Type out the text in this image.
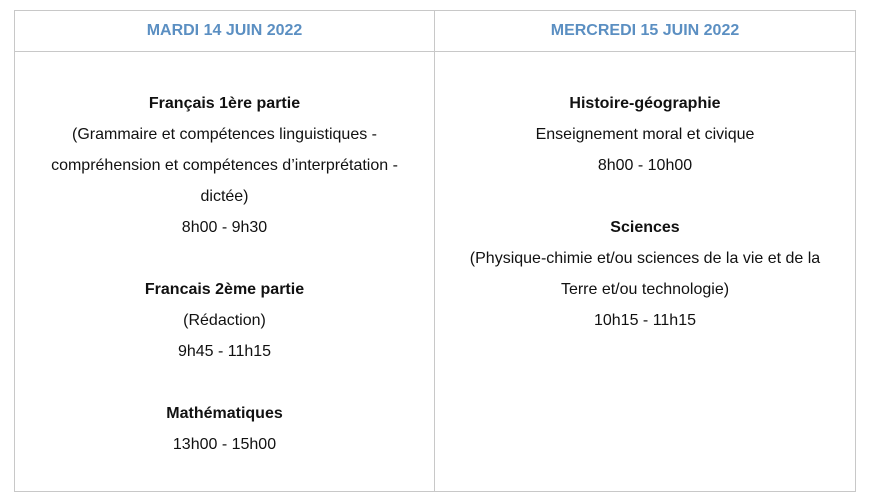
MARDI 14 JUIN 2022	MERCREDI 15 JUIN 2022
Français 1ère partie
(Grammaire et compétences linguistiques -
compréhension et compétences d’interprétation -
dictée)
8h00 - 9h30
Francais 2ème partie
(Rédaction)
9h45 - 11h15
Mathématiques
13h00 - 15h00
Histoire-géographie
Enseignement moral et civique
8h00 - 10h00
Sciences
(Physique-chimie et/ou sciences de la vie et de la
Terre et/ou technologie)
10h15 - 11h15
